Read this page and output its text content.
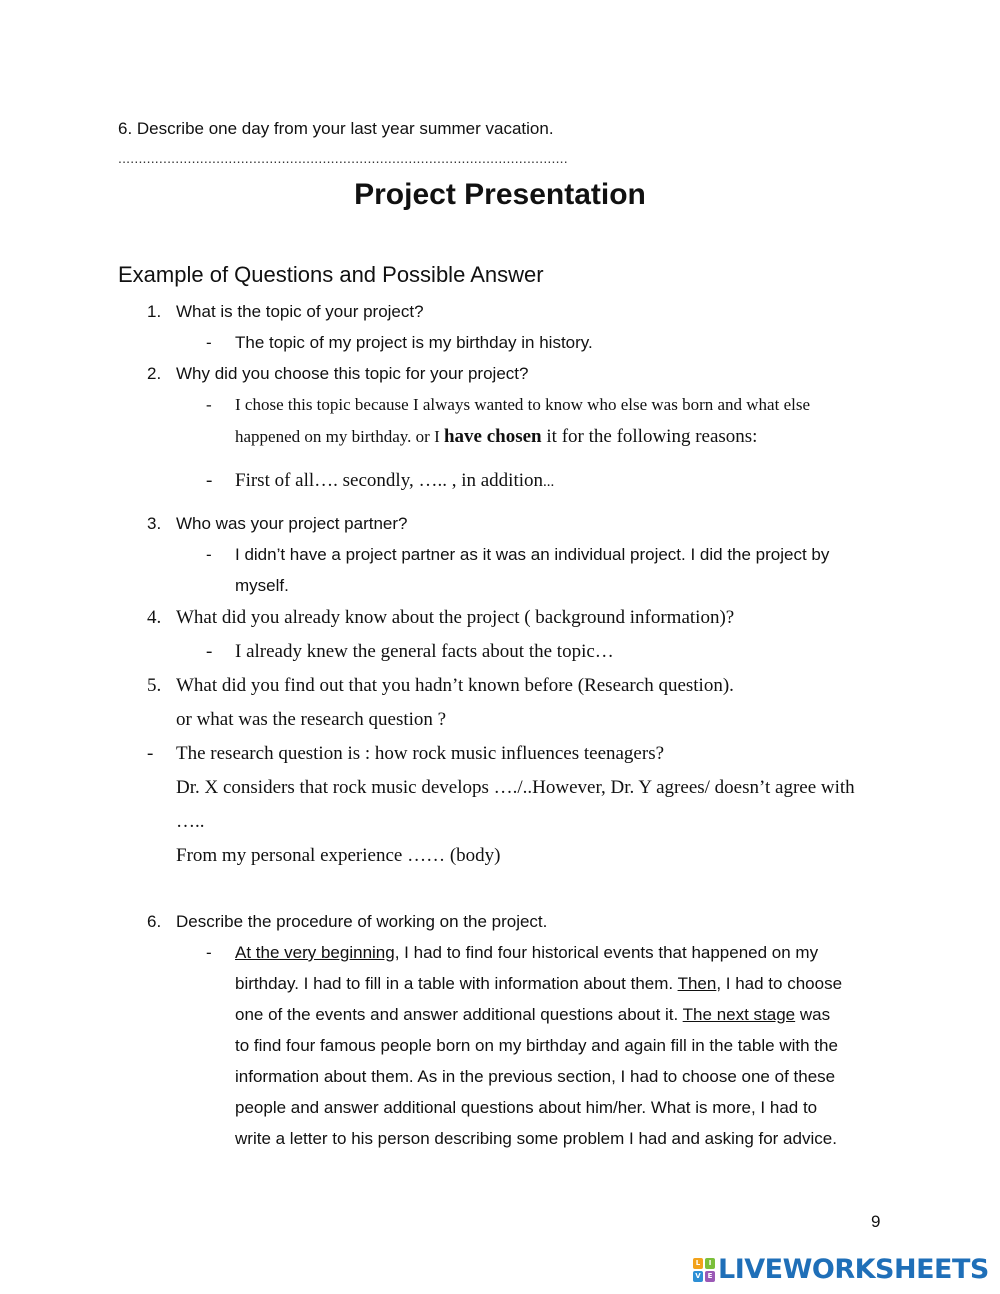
6. Describe one day from your last year summer vacation.
..............................................................................................................
Project Presentation
Example of Questions and Possible Answer
1. What is the topic of your project?
- The topic of my project is my birthday in history.
2. Why did you choose this topic for your project?
- I chose this topic because I always wanted to know who else was born and what else
happened on my birthday. or I have chosen it for the following reasons:
- First of all…. secondly, ….. , in addition...
3. Who was your project partner?
- I didn’t have a project partner as it was an individual project. I did the project by
myself.
4. What did you already know about the project ( background information)?
- I already knew the general facts about the topic…
5. What did you find out that you hadn’t known before (Research question).
or what was the research question ?
- The research question is : how rock music influences teenagers?
Dr. X considers that rock music develops …./..However, Dr. Y agrees/ doesn’t agree with
…..
From my personal experience …… (body)
6. Describe the procedure of working on the project.
- At the very beginning, I had to find four historical events that happened on my
birthday. I had to fill in a table with information about them. Then, I had to choose
one of the events and answer additional questions about it. The next stage was
to find four famous people born on my birthday and again fill in the table with the
information about them. As in the previous section, I had to choose one of these
people and answer additional questions about him/her. What is more, I had to
write a letter to his person describing some problem I had and asking for advice.
9
L	I
V E LIVEWORKSHEETS
